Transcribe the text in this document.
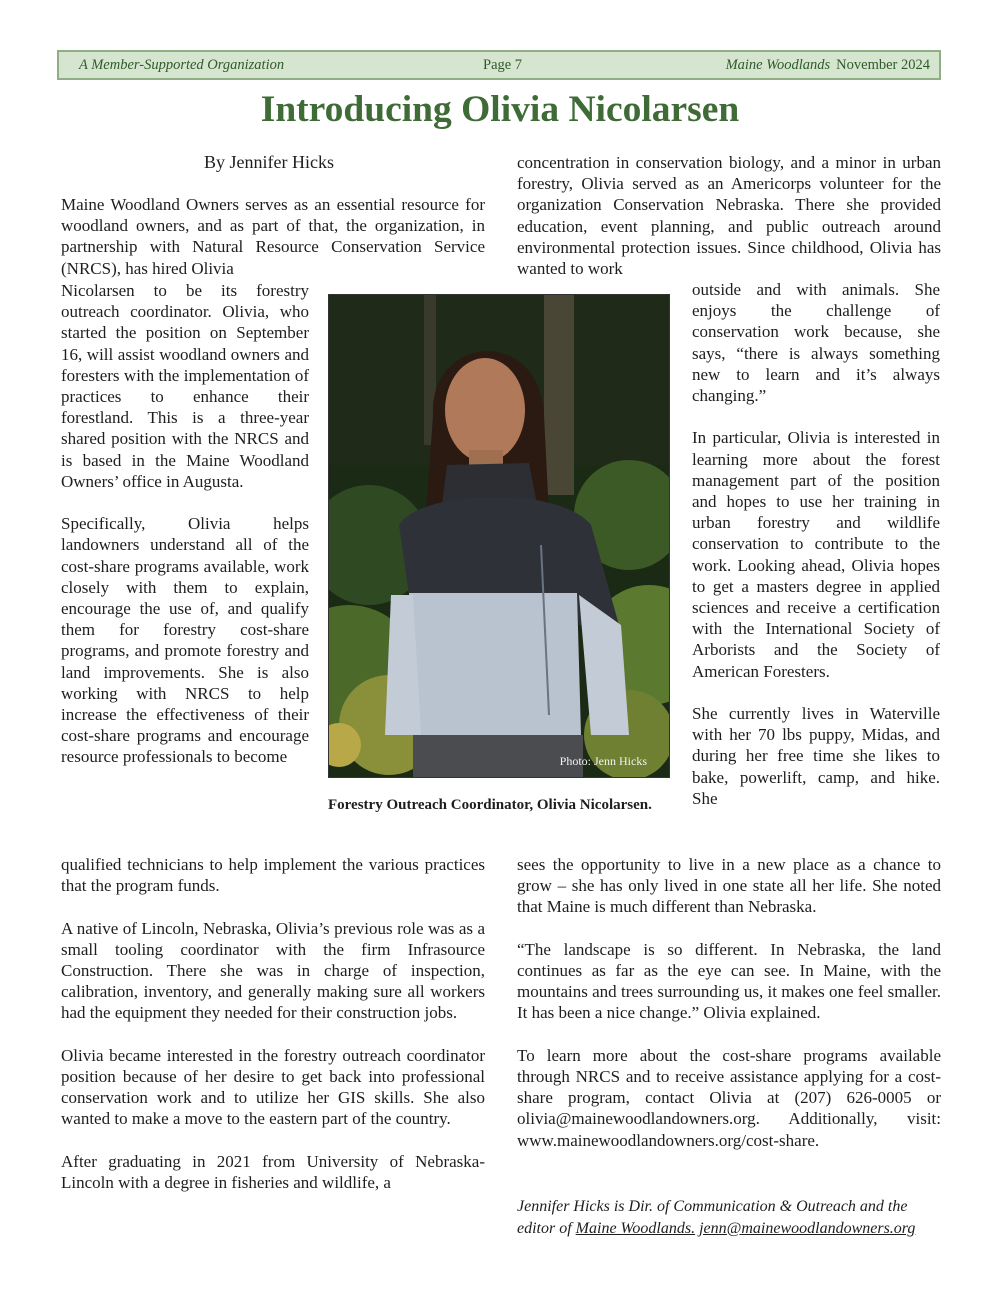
A Member-Supported Organization	Page 7	Maine Woodlands November 2024
Introducing Olivia Nicolarsen
By Jennifer Hicks

Maine Woodland Owners serves as an essential resource for woodland owners, and as part of that, the organization, in partnership with Natural Resource Conservation Service (NRCS), has hired Olivia

Nicolarsen to be its forestry outreach coordinator. Olivia, who started the position on September 16, will assist woodland owners and foresters with the implementation of practices to enhance their forestland. This is a three-year shared position with the NRCS and is based in the Maine Woodland Owners’ office in Augusta.

Specifically, Olivia helps landowners understand all of the cost-share programs available, work closely with them to explain, encourage the use of, and qualify them for forestry cost-share programs, and promote forestry and land improvements. She is also working with NRCS to help increase the effectiveness of their cost-share programs and encourage resource professionals to become

qualified technicians to help implement the various practices that the program funds.

A native of Lincoln, Nebraska, Olivia’s previous role was as a small tooling coordinator with the firm Infrasource Construction. There she was in charge of inspection, calibration, inventory, and generally making sure all workers had the equipment they needed for their construction jobs.

Olivia became interested in the forestry outreach coordinator position because of her desire to get back into professional conservation work and to utilize her GIS skills. She also wanted to make a move to the eastern part of the country.

After graduating in 2021 from University of Nebraska-Lincoln with a degree in fisheries and wildlife, a

concentration in conservation biology, and a minor in urban forestry, Olivia served as an Americorps volunteer for the organization Conservation Nebraska. There she provided education, event planning, and public outreach around environmental protection issues. Since childhood, Olivia has wanted to work

outside and with animals. She enjoys the challenge of conservation work because, she says, “there is always something new to learn and it’s always changing.”

In particular, Olivia is interested in learning more about the forest management part of the position and hopes to use her training in urban forestry and wildlife conservation to contribute to the work. Looking ahead, Olivia hopes to get a masters degree in applied sciences and receive a certification with the International Society of Arborists and the Society of American Foresters.

She currently lives in Waterville with her 70 lbs puppy, Midas, and during her free time she likes to bake, powerlift, camp, and hike. She

sees the opportunity to live in a new place as a chance to grow – she has only lived in one state all her life. She noted that Maine is much different than Nebraska.

“The landscape is so different. In Nebraska, the land continues as far as the eye can see. In Maine, with the mountains and trees surrounding us, it makes one feel smaller. It has been a nice change.” Olivia explained.

To learn more about the cost-share programs available through NRCS and to receive assistance applying for a cost-share program, contact Olivia at (207) 626-0005 or olivia@mainewoodlandowners.org. Additionally, visit: www.mainewoodlandowners.org/cost-share.

Photo: Jenn Hicks
Forestry Outreach Coordinator, Olivia Nicolarsen.
Jennifer Hicks is Dir. of Communication & Outreach and the editor of Maine Woodlands. jenn@mainewoodlandowners.org
